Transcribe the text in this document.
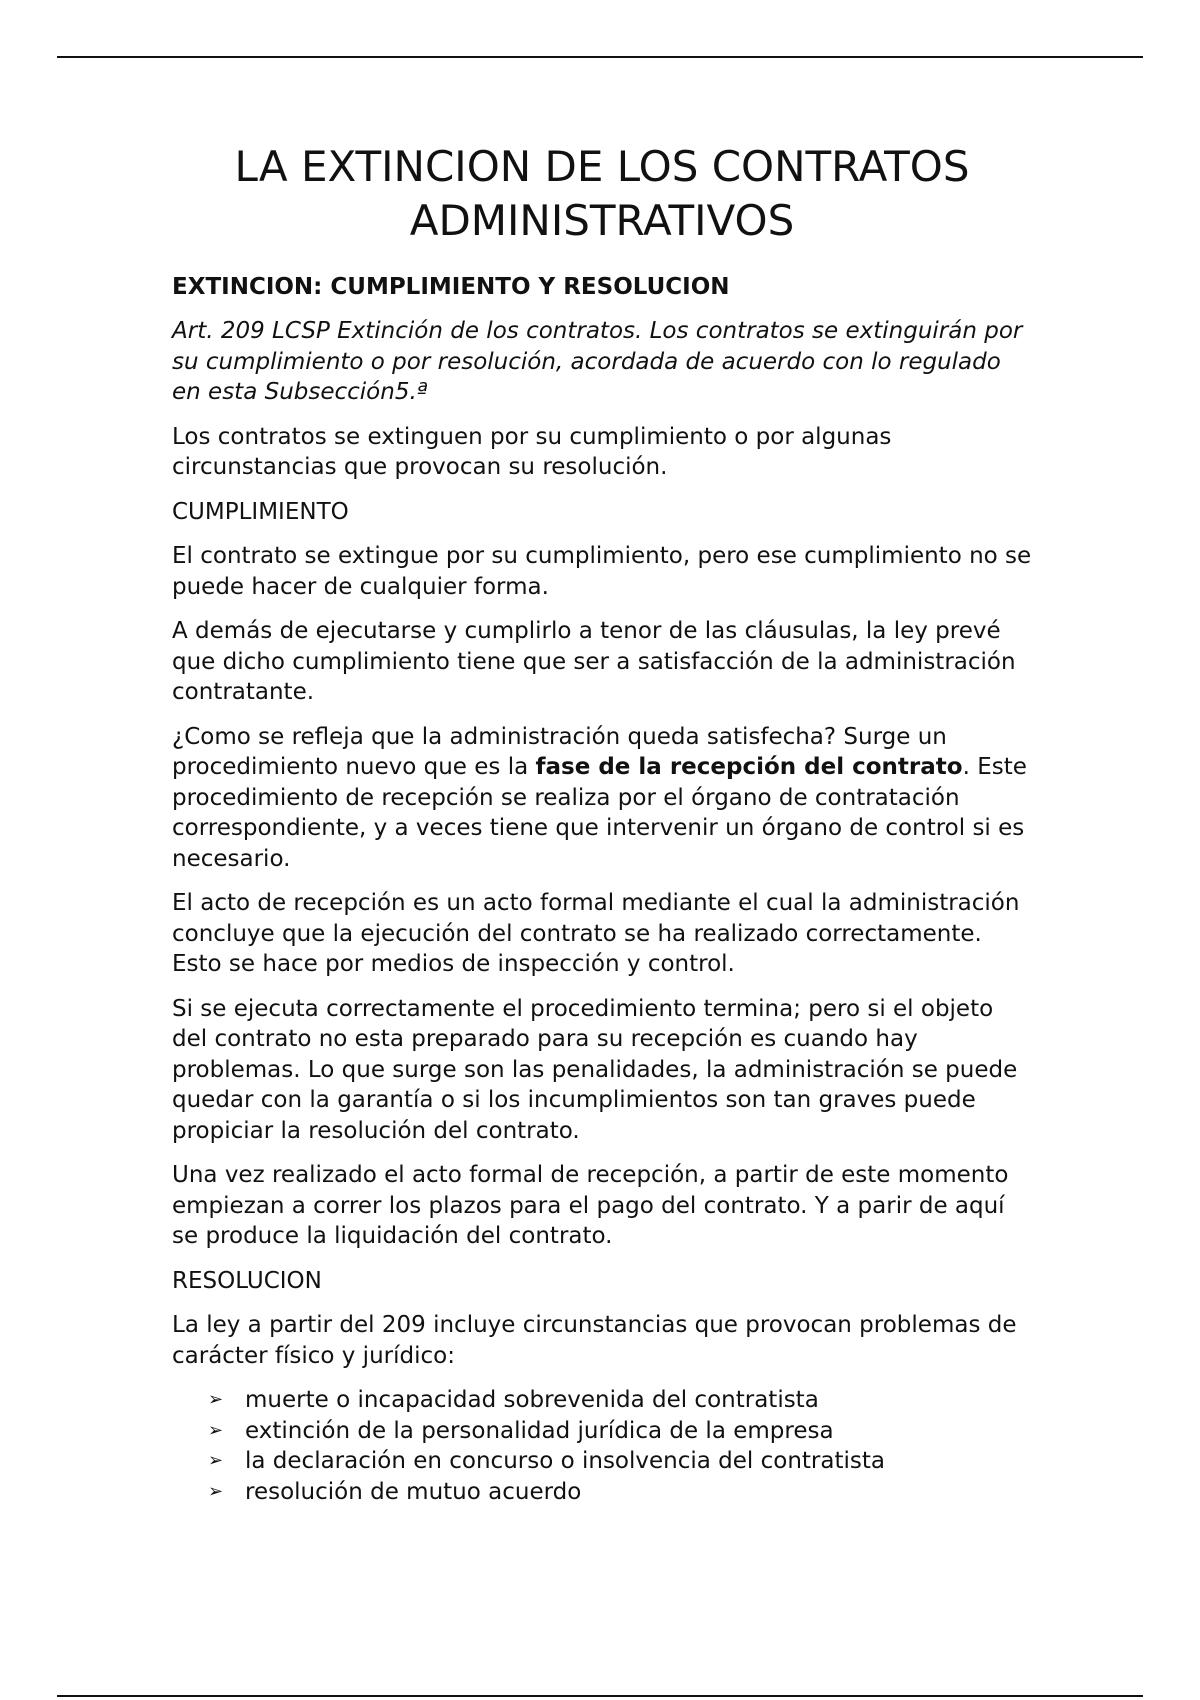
LA EXTINCION DE LOS CONTRATOS
ADMINISTRATIVOS
EXTINCION: CUMPLIMIENTO Y RESOLUCION

Art. 209 LCSP Extinción de los contratos. Los contratos se extinguirán por su cumplimiento o por resolución, acordada de acuerdo con lo regulado en esta Subsección5.ª

Los contratos se extinguen por su cumplimiento o por algunas circunstancias que provocan su resolución.

CUMPLIMIENTO

El contrato se extingue por su cumplimiento, pero ese cumplimiento no se puede hacer de cualquier forma.

A demás de ejecutarse y cumplirlo a tenor de las cláusulas, la ley prevé que dicho cumplimiento tiene que ser a satisfacción de la administración contratante.

¿Como se refleja que la administración queda satisfecha? Surge un procedimiento nuevo que es la fase de la recepción del contrato. Este procedimiento de recepción se realiza por el órgano de contratación correspondiente, y a veces tiene que intervenir un órgano de control si es necesario.

El acto de recepción es un acto formal mediante el cual la administración concluye que la ejecución del contrato se ha realizado correctamente. Esto se hace por medios de inspección y control.

Si se ejecuta correctamente el procedimiento termina; pero si el objeto del contrato no esta preparado para su recepción es cuando hay problemas. Lo que surge son las penalidades, la administración se puede quedar con la garantía o si los incumplimientos son tan graves puede propiciar la resolución del contrato.

Una vez realizado el acto formal de recepción, a partir de este momento empiezan a correr los plazos para el pago del contrato. Y a parir de aquí se produce la liquidación del contrato.

RESOLUCION

La ley a partir del 209 incluye circunstancias que provocan problemas de carácter físico y jurídico:

➢ muerte o incapacidad sobrevenida del contratista
➢ extinción de la personalidad jurídica de la empresa
➢ la declaración en concurso o insolvencia del contratista
➢ resolución de mutuo acuerdo
